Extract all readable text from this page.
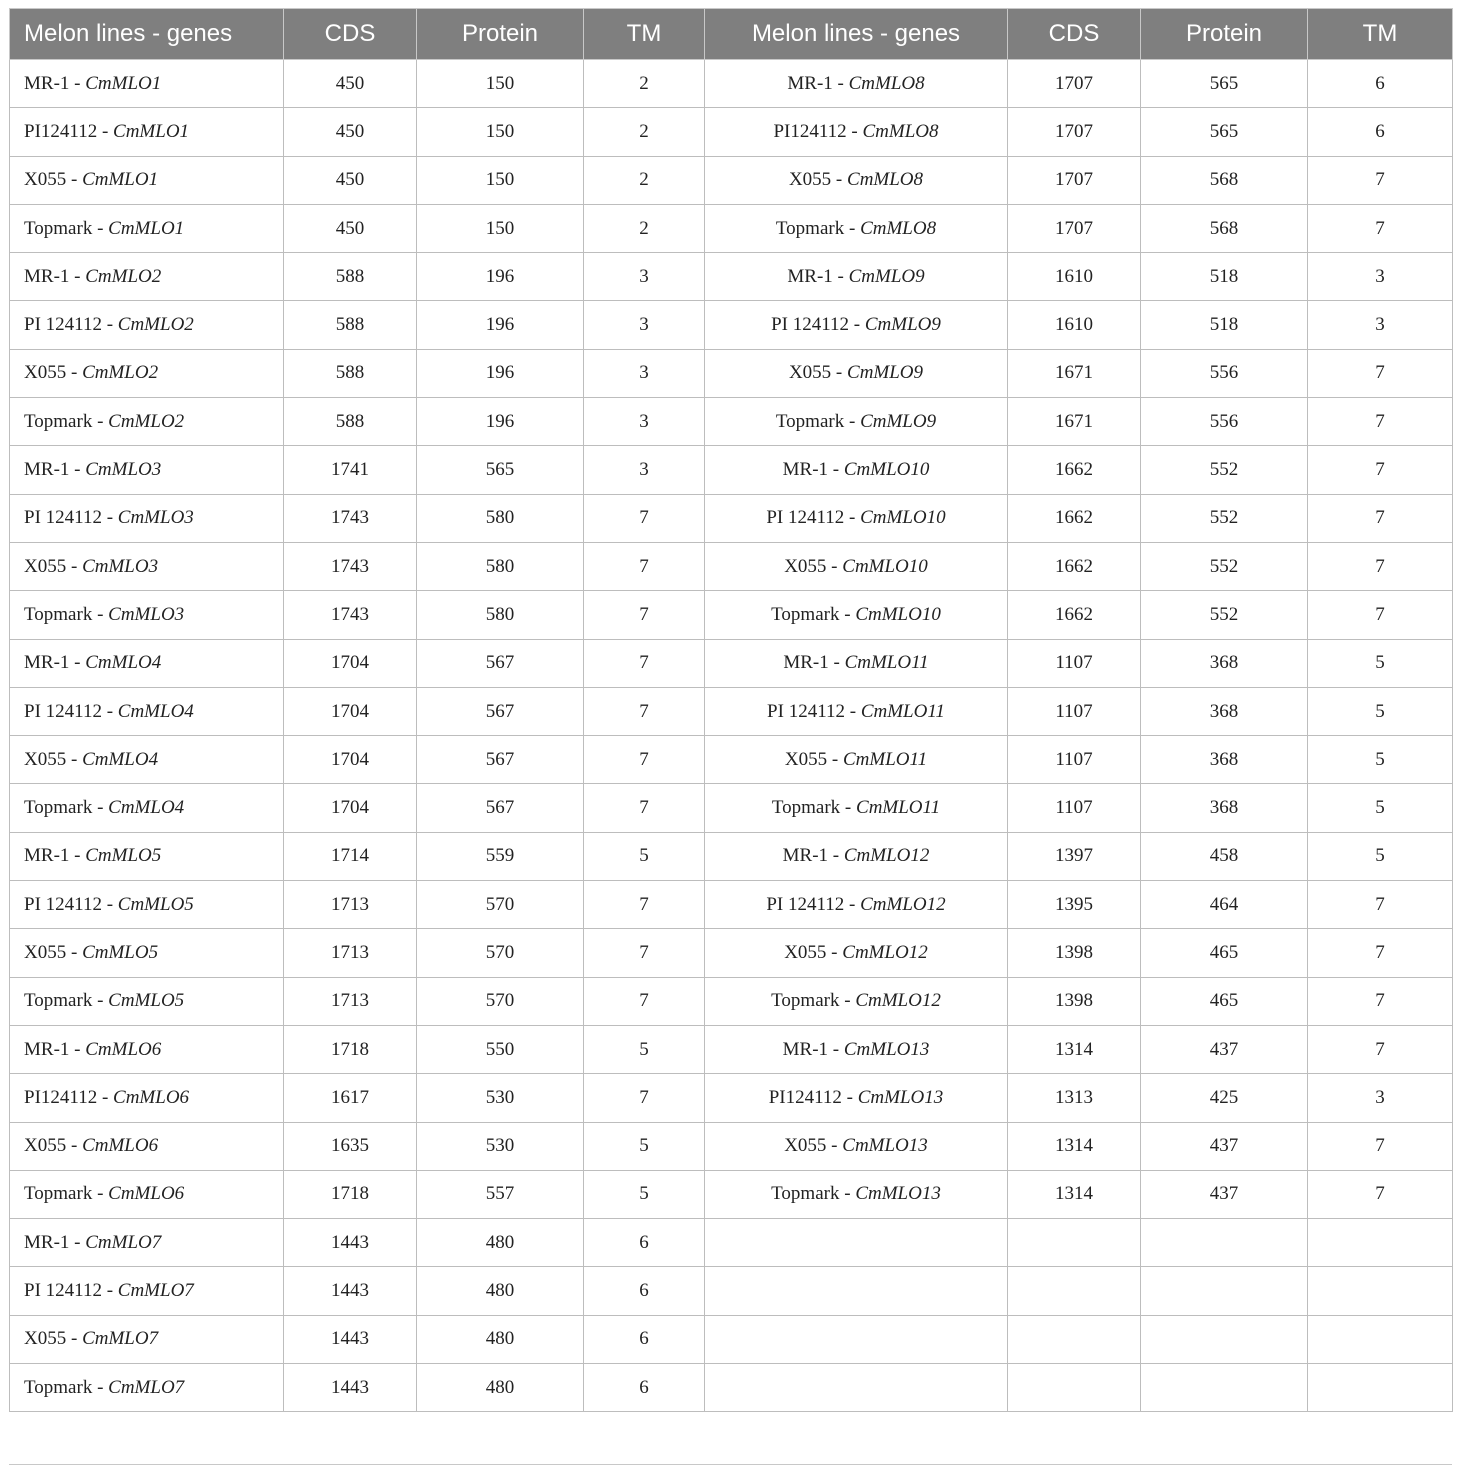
Melon lines - genes	CDS	Protein	TM	Melon lines - genes	CDS	Protein	TM
MR-1 - CmMLO1	450	150	2	MR-1 - CmMLO8	1707	565	6
PI124112 - CmMLO1	450	150	2	PI124112 - CmMLO8	1707	565	6
X055 - CmMLO1	450	150	2	X055 - CmMLO8	1707	568	7
Topmark - CmMLO1	450	150	2	Topmark - CmMLO8	1707	568	7
MR-1 - CmMLO2	588	196	3	MR-1 - CmMLO9	1610	518	3
PI 124112 - CmMLO2	588	196	3	PI 124112 - CmMLO9	1610	518	3
X055 - CmMLO2	588	196	3	X055 - CmMLO9	1671	556	7
Topmark - CmMLO2	588	196	3	Topmark - CmMLO9	1671	556	7
MR-1 - CmMLO3	1741	565	3	MR-1 - CmMLO10	1662	552	7
PI 124112 - CmMLO3	1743	580	7	PI 124112 - CmMLO10	1662	552	7
X055 - CmMLO3	1743	580	7	X055 - CmMLO10	1662	552	7
Topmark - CmMLO3	1743	580	7	Topmark - CmMLO10	1662	552	7
MR-1 - CmMLO4	1704	567	7	MR-1 - CmMLO11	1107	368	5
PI 124112 - CmMLO4	1704	567	7	PI 124112 - CmMLO11	1107	368	5
X055 - CmMLO4	1704	567	7	X055 - CmMLO11	1107	368	5
Topmark - CmMLO4	1704	567	7	Topmark - CmMLO11	1107	368	5
MR-1 - CmMLO5	1714	559	5	MR-1 - CmMLO12	1397	458	5
PI 124112 - CmMLO5	1713	570	7	PI 124112 - CmMLO12	1395	464	7
X055 - CmMLO5	1713	570	7	X055 - CmMLO12	1398	465	7
Topmark - CmMLO5	1713	570	7	Topmark - CmMLO12	1398	465	7
MR-1 - CmMLO6	1718	550	5	MR-1 - CmMLO13	1314	437	7
PI124112 - CmMLO6	1617	530	7	PI124112 - CmMLO13	1313	425	3
X055 - CmMLO6	1635	530	5	X055 - CmMLO13	1314	437	7
Topmark - CmMLO6	1718	557	5	Topmark - CmMLO13	1314	437	7
MR-1 - CmMLO7	1443	480	6				
PI 124112 - CmMLO7	1443	480	6				
X055 - CmMLO7	1443	480	6				
Topmark - CmMLO7	1443	480	6				
